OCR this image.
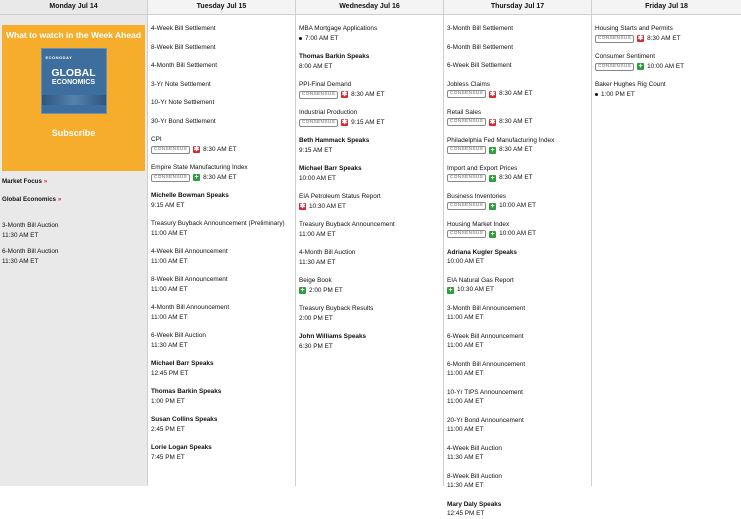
Monday Jul 14
What to watch in the Week Ahead
ECONODAY
GLOBAL
ECONOMICS
Subscribe
Market Focus »
Global Economics »
3-Month Bill Auction
11:30 AM ET
6-Month Bill Auction
11:30 AM ET
Tuesday Jul 15
4-Week Bill Settlement
8-Week Bill Settlement
4-Month Bill Settlement
3-Yr Note Settlement
10-Yr Note Settlement
30-Yr Bond Settlement
CPI
CONSENSUS ✱ 8:30 AM ET
Empire State Manufacturing Index
CONSENSUS	+ 8:30 AM ET
Michelle Bowman Speaks
9:15 AM ET
Treasury Buyback Announcement (Preliminary)
11:00 AM ET
4-Week Bill Announcement
11:00 AM ET
8-Week Bill Announcement
11:00 AM ET
4-Month Bill Announcement
11:00 AM ET
6-Week Bill Auction
11:30 AM ET
Michael Barr Speaks
12:45 PM ET
Thomas Barkin Speaks
1:00 PM ET
Susan Collins Speaks
2:45 PM ET
Lorie Logan Speaks
7:45 PM ET
Wednesday Jul 16
MBA Mortgage Applications
7:00 AM ET
Thomas Barkin Speaks
8:00 AM ET
PPI-Final Demand
CONSENSUS ✱ 8:30 AM ET
Industrial Production
CONSENSUS ✱ 9:15 AM ET
Beth Hammack Speaks
9:15 AM ET
Michael Barr Speaks
10:00 AM ET
EIA Petroleum Status Report
✱ 10:30 AM ET
Treasury Buyback Announcement
11:00 AM ET
4-Month Bill Auction
11:30 AM ET
Beige Book
+ 2:00 PM ET
Treasury Buyback Results
2:00 PM ET
John Williams Speaks
6:30 PM ET
Thursday Jul 17
3-Month Bill Settlement
6-Month Bill Settlement
6-Week Bill Settlement
Jobless Claims
CONSENSUS ✱ 8:30 AM ET
Retail Sales
CONSENSUS ✱ 8:30 AM ET
Philadelphia Fed Manufacturing Index
CONSENSUS	+ 8:30 AM ET
Import and Export Prices
CONSENSUS	+ 8:30 AM ET
Business Inventories
CONSENSUS	+ 10:00 AM ET
Housing Market Index
CONSENSUS	+ 10:00 AM ET
Adriana Kugler Speaks
10:00 AM ET
EIA Natural Gas Report
+ 10:30 AM ET
3-Month Bill Announcement
11:00 AM ET
6-Week Bill Announcement
11:00 AM ET
6-Month Bill Announcement
11:00 AM ET
10-Yr TIPS Announcement
11:00 AM ET
20-Yr Bond Announcement
11:00 AM ET
4-Week Bill Auction
11:30 AM ET
8-Week Bill Auction
11:30 AM ET
Mary Daly Speaks
12:45 PM ET
Friday Jul 18
Housing Starts and Permits
CONSENSUS ✱ 8:30 AM ET
Consumer Sentiment
CONSENSUS	+ 10:00 AM ET
Baker Hughes Rig Count
1:00 PM ET
